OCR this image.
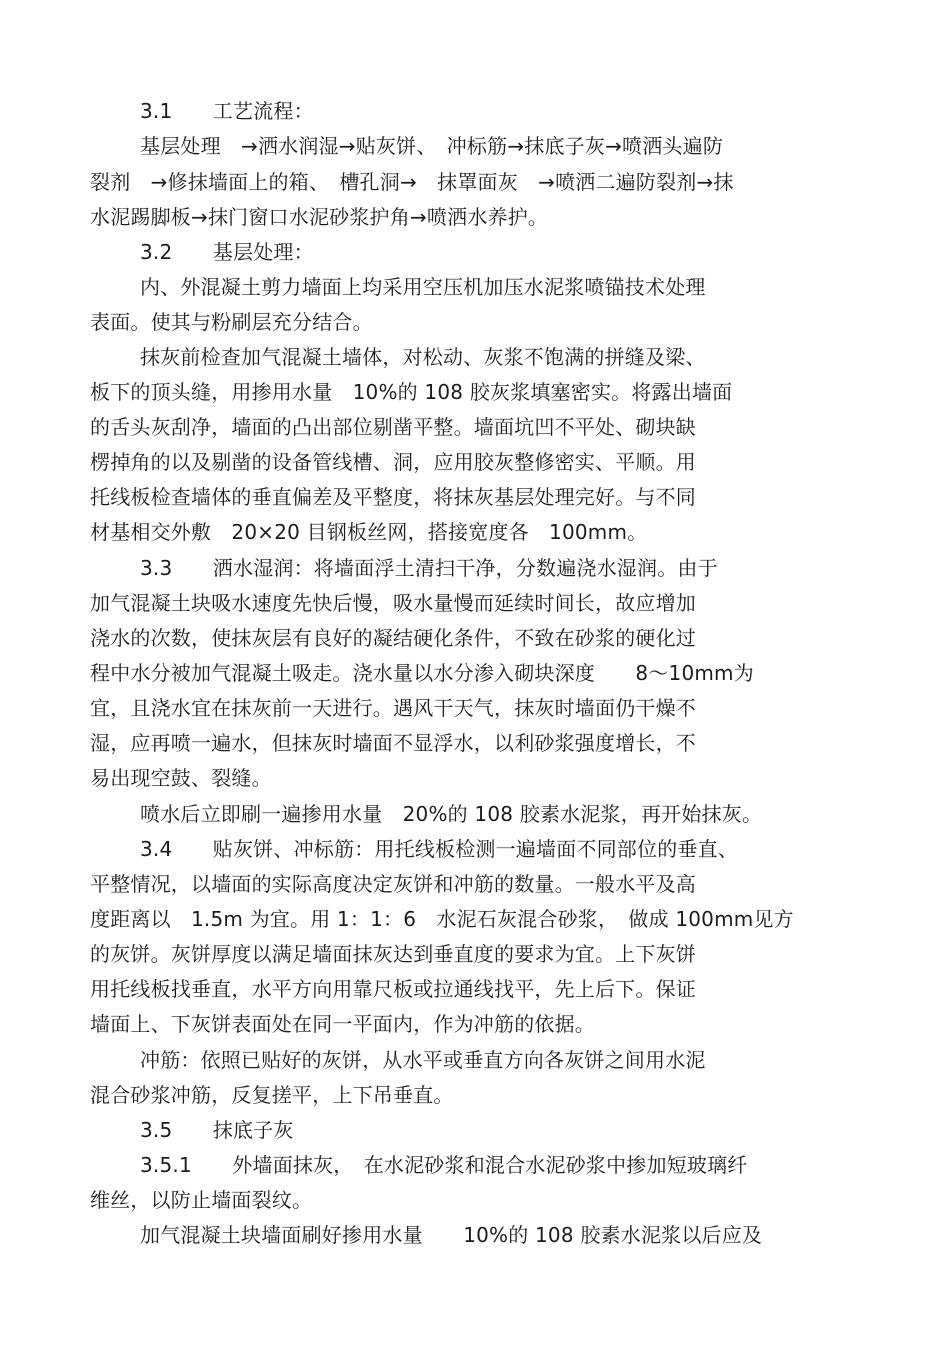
3.1　　工艺流程：
基层处理　→洒水润湿→贴灰饼、　冲标筋→抹底子灰→喷洒头遍防
裂剂　→修抹墙面上的箱、　槽孔洞→　抹罩面灰　→喷洒二遍防裂剂→抹
水泥踢脚板→抹门窗口水泥砂浆护角→喷洒水养护。
3.2　　基层处理：
内、外混凝土剪力墙面上均采用空压机加压水泥浆喷锚技术处理
表面。使其与粉刷层充分结合。
抹灰前检查加气混凝土墙体，对松动、灰浆不饱满的拼缝及梁、
板下的顶头缝，用掺用水量　10%的 108 胶灰浆填塞密实。将露出墙面
的舌头灰刮净，墙面的凸出部位剔凿平整。墙面坑凹不平处、砌块缺
楞掉角的以及剔凿的设备管线槽、洞，应用胶灰整修密实、平顺。用
托线板检查墙体的垂直偏差及平整度，将抹灰基层处理完好。与不同
材基相交外敷　20×20 目钢板丝网，搭接宽度各　100mm。
3.3　　洒水湿润：将墙面浮土清扫干净，分数遍浇水湿润。由于
加气混凝土块吸水速度先快后慢，吸水量慢而延续时间长，故应增加
浇水的次数，使抹灰层有良好的凝结硬化条件，不致在砂浆的硬化过
程中水分被加气混凝土吸走。浇水量以水分渗入砌块深度　　8～10mm为
宜，且浇水宜在抹灰前一天进行。遇风干天气，抹灰时墙面仍干燥不
湿，应再喷一遍水，但抹灰时墙面不显浮水，以利砂浆强度增长，不
易出现空鼓、裂缝。
喷水后立即刷一遍掺用水量　20%的 108 胶素水泥浆，再开始抹灰。
3.4　　贴灰饼、冲标筋：用托线板检测一遍墙面不同部位的垂直、
平整情况，以墙面的实际高度决定灰饼和冲筋的数量。一般水平及高
度距离以　1.5m 为宜。用 1：1：6　水泥石灰混合砂浆，　做成 100mm见方
的灰饼。灰饼厚度以满足墙面抹灰达到垂直度的要求为宜。上下灰饼
用托线板找垂直，水平方向用靠尺板或拉通线找平，先上后下。保证
墙面上、下灰饼表面处在同一平面内，作为冲筋的依据。
冲筋：依照已贴好的灰饼，从水平或垂直方向各灰饼之间用水泥
混合砂浆冲筋，反复搓平，上下吊垂直。
3.5　　抹底子灰
3.5.1　　外墙面抹灰，　在水泥砂浆和混合水泥砂浆中掺加短玻璃纤
维丝，以防止墙面裂纹。
加气混凝土块墙面刷好掺用水量　　10%的 108 胶素水泥浆以后应及
